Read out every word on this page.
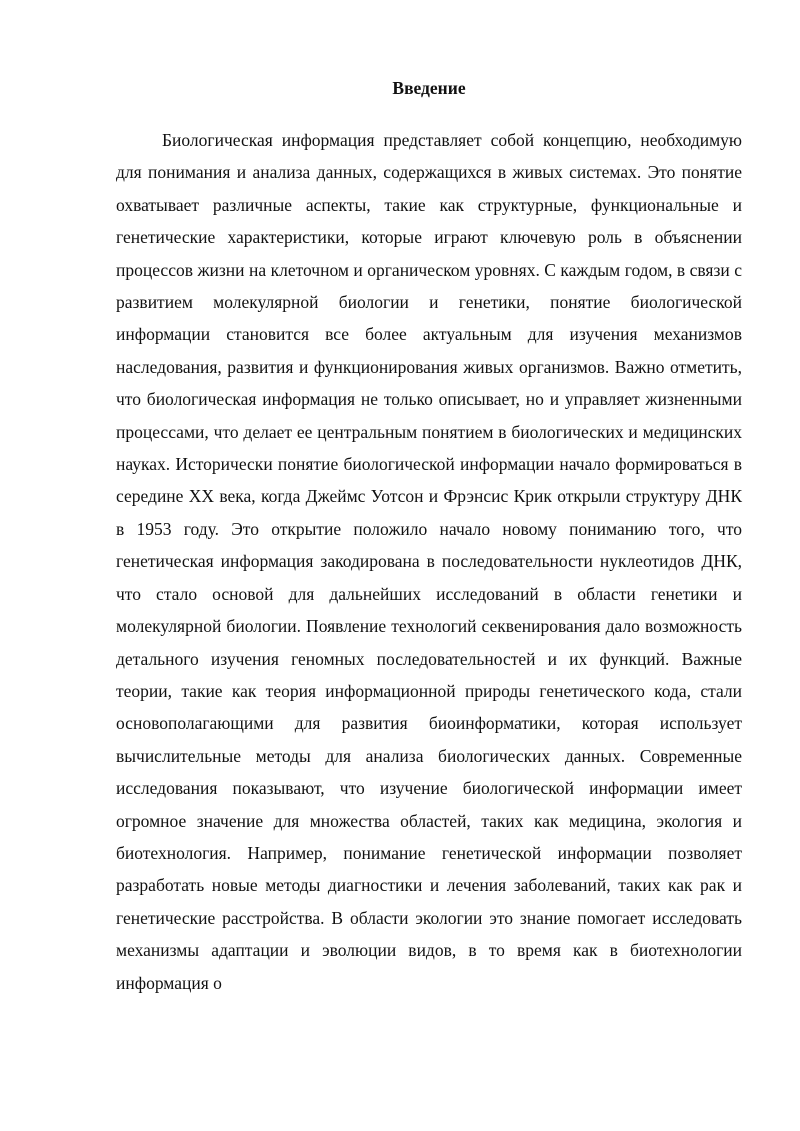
Введение

Биологическая информация представляет собой концепцию, необходимую для понимания и анализа данных, содержащихся в живых системах. Это понятие охватывает различные аспекты, такие как структурные, функциональные и генетические характеристики, которые играют ключевую роль в объяснении процессов жизни на клеточном и органическом уровнях. С каждым годом, в связи с развитием молекулярной биологии и генетики, понятие биологической информации становится все более актуальным для изучения механизмов наследования, развития и функционирования живых организмов. Важно отметить, что биологическая информация не только описывает, но и управляет жизненными процессами, что делает ее центральным понятием в биологических и медицинских науках. Исторически понятие биологической информации начало формироваться в середине XX века, когда Джеймс Уотсон и Фрэнсис Крик открыли структуру ДНК в 1953 году. Это открытие положило начало новому пониманию того, что генетическая информация закодирована в последовательности нуклеотидов ДНК, что стало основой для дальнейших исследований в области генетики и молекулярной биологии. Появление технологий секвенирования дало возможность детального изучения геномных последовательностей и их функций. Важные теории, такие как теория информационной природы генетического кода, стали основополагающими для развития биоинформатики, которая использует вычислительные методы для анализа биологических данных. Современные исследования показывают, что изучение биологической информации имеет огромное значение для множества областей, таких как медицина, экология и биотехнология. Например, понимание генетической информации позволяет разработать новые методы диагностики и лечения заболеваний, таких как рак и генетические расстройства. В области экологии это знание помогает исследовать механизмы адаптации и эволюции видов, в то время как в биотехнологии информация о
